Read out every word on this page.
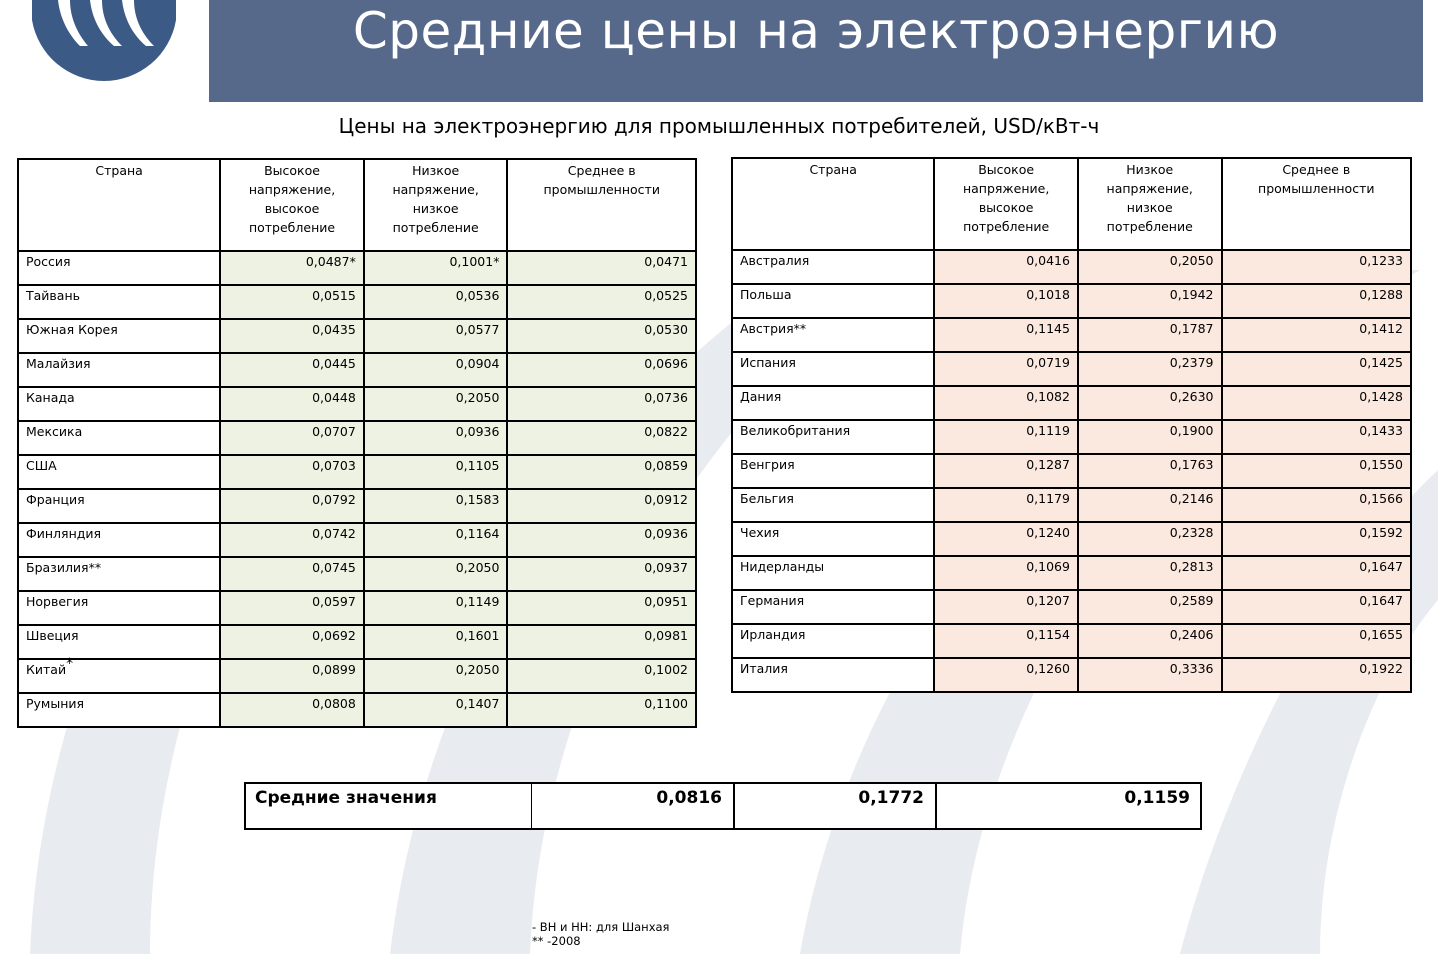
Средние цены на электроэнергию
Цены на электроэнергию для промышленных потребителей, USD/кВт-ч
Страна	Высокое
напряжение,
высокое
потребление	Низкое
напряжение,
низкое
потребление	Среднее в
промышленности
Россия	0,0487*	0,1001*	0,0471
Тайвань	0,0515	0,0536	0,0525
Южная Корея	0,0435	0,0577	0,0530
Малайзия	0,0445	0,0904	0,0696
Канада	0,0448	0,2050	0,0736
Мексика	0,0707	0,0936	0,0822
США	0,0703	0,1105	0,0859
Франция	0,0792	0,1583	0,0912
Финляндия	0,0742	0,1164	0,0936
Бразилия**	0,0745	0,2050	0,0937
Норвегия	0,0597	0,1149	0,0951
Швеция	0,0692	0,1601	0,0981
Китай*	0,0899	0,2050	0,1002
Румыния	0,0808	0,1407	0,1100
Страна	Высокое
напряжение,
высокое
потребление	Низкое
напряжение,
низкое
потребление	Среднее в
промышленности
Австралия	0,0416	0,2050	0,1233
Польша	0,1018	0,1942	0,1288
Австрия**	0,1145	0,1787	0,1412
Испания	0,0719	0,2379	0,1425
Дания	0,1082	0,2630	0,1428
Великобритания	0,1119	0,1900	0,1433
Венгрия	0,1287	0,1763	0,1550
Бельгия	0,1179	0,2146	0,1566
Чехия	0,1240	0,2328	0,1592
Нидерланды	0,1069	0,2813	0,1647
Германия	0,1207	0,2589	0,1647
Ирландия	0,1154	0,2406	0,1655
Италия	0,1260	0,3336	0,1922
Средние значения	0,0816	0,1772	0,1159
- ВН и НН: для Шанхая
** -2008
